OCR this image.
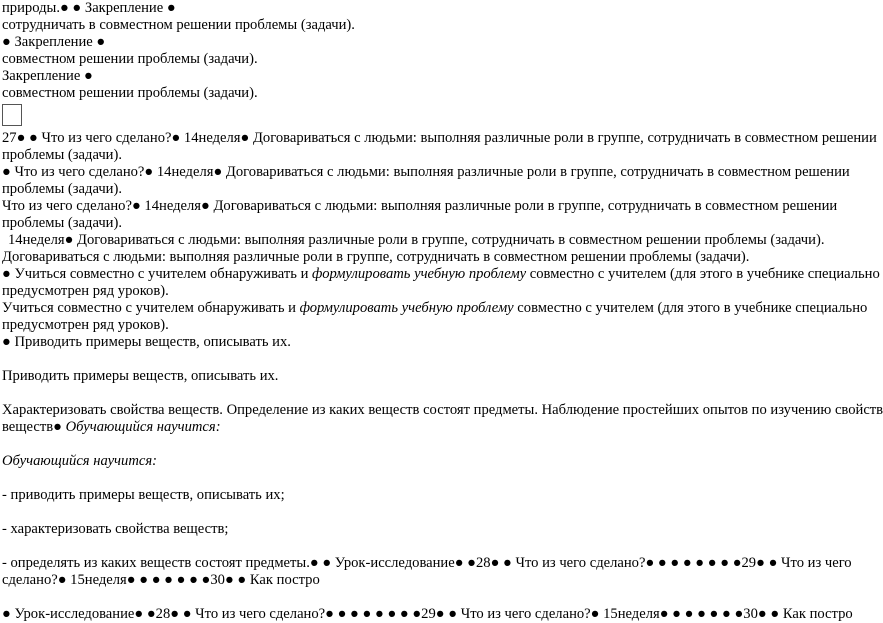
природы.● ● Закрепление ●

сотрудничать в совместном решении проблемы (задачи).

● Закрепление ●

совместном решении проблемы (задачи).

Закрепление ●

совместном решении проблемы (задачи).

27● ● Что из чего сделано?● 14неделя● Договариваться с людьми: выполняя различные роли в группе, сотрудничать в совместном решении

проблемы (задачи).

● Что из чего сделано?● 14неделя● Договариваться с людьми: выполняя различные роли в группе, сотрудничать в совместном решении

проблемы (задачи).

Что из чего сделано?● 14неделя● Договариваться с людьми: выполняя различные роли в группе, сотрудничать в совместном решении

проблемы (задачи).

14неделя● Договариваться с людьми: выполняя различные роли в группе, сотрудничать в совместном решении проблемы (задачи).

Договариваться с людьми: выполняя различные роли в группе, сотрудничать в совместном решении проблемы (задачи).

● Учиться совместно с учителем обнаруживать и формулировать учебную проблему совместно с учителем (для этого в учебнике специально

предусмотрен ряд уроков).

Учиться совместно с учителем обнаруживать и формулировать учебную проблему совместно с учителем (для этого в учебнике специально

предусмотрен ряд уроков).

● Приводить примеры веществ, описывать их.

Приводить примеры веществ, описывать их.

Характеризовать свойства веществ. Определение из каких веществ состоят предметы. Наблюдение простейших опытов по изучению свойств

веществ● Обучающийся научится:

Обучающийся научится:

- приводить примеры веществ, описывать их;

- характеризовать свойства веществ;

- определять из каких веществ состоят предметы.● ● Урок-исследование● ●28● ● Что из чего сделано?● ● ● ● ● ● ● ●29● ● Что из чего

сделано?● 15неделя● ● ● ● ● ● ●30● ● Как постро

● Урок-исследование● ●28● ● Что из чего сделано?● ● ● ● ● ● ● ●29● ● Что из чего сделано?● 15неделя● ● ● ● ● ● ●30● ● Как постро
